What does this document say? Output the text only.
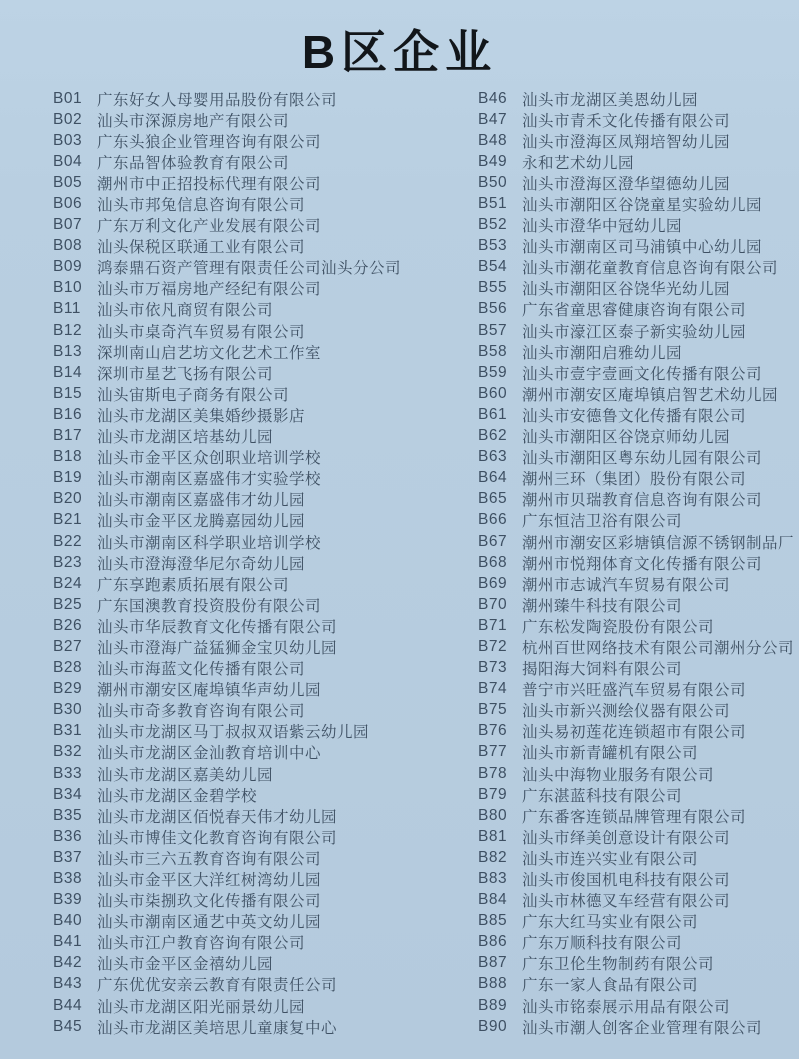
B区企业
B01 广东好女人母婴用品股份有限公司
B02 汕头市深源房地产有限公司
B03 广东头狼企业管理咨询有限公司
B04 广东品智体验教育有限公司
B05 潮州市中正招投标代理有限公司
B06 汕头市邦兔信息咨询有限公司
B07 广东万利文化产业发展有限公司
B08 汕头保税区联通工业有限公司
B09 鸿泰鼎石资产管理有限责任公司汕头分公司
B10 汕头市万福房地产经纪有限公司
B11	汕头市依凡商贸有限公司
B12 汕头市桌奇汽车贸易有限公司
B13 深圳南山启艺坊文化艺术工作室
B14 深圳市星艺飞扬有限公司
B15 汕头宙斯电子商务有限公司
B16 汕头市龙湖区美集婚纱摄影店
B17 汕头市龙湖区培基幼儿园
B18 汕头市金平区众创职业培训学校
B19 汕头市潮南区嘉盛伟才实验学校
B20 汕头市潮南区嘉盛伟才幼儿园
B21 汕头市金平区龙腾嘉园幼儿园
B22 汕头市潮南区科学职业培训学校
B23 汕头市澄海澄华尼尔奇幼儿园
B24 广东享跑素质拓展有限公司
B25 广东国澳教育投资股份有限公司
B26 汕头市华辰教育文化传播有限公司
B27 汕头市澄海广益猛狮金宝贝幼儿园
B28 汕头市海蓝文化传播有限公司
B29 潮州市潮安区庵埠镇华声幼儿园
B30 汕头市奇多教育咨询有限公司
B31 汕头市龙湖区马丁叔叔双语紫云幼儿园
B32 汕头市龙湖区金汕教育培训中心
B33 汕头市龙湖区嘉美幼儿园
B34 汕头市龙湖区金碧学校
B35 汕头市龙湖区佰悦春天伟才幼儿园
B36 汕头市博佳文化教育咨询有限公司
B37 汕头市三六五教育咨询有限公司
B38 汕头市金平区大洋红树湾幼儿园
B39 汕头市柒捌玖文化传播有限公司
B40 汕头市潮南区通艺中英文幼儿园
B41 汕头市江户教育咨询有限公司
B42 汕头市金平区金禧幼儿园
B43 广东优优安亲云教育有限责任公司
B44 汕头市龙湖区阳光丽景幼儿园
B45 汕头市龙湖区美培思儿童康复中心
B46 汕头市龙湖区美恩幼儿园
B47 汕头市青禾文化传播有限公司
B48 汕头市澄海区凤翔培智幼儿园
B49 永和艺术幼儿园
B50 汕头市澄海区澄华望德幼儿园
B51 汕头市潮阳区谷饶童星实验幼儿园
B52 汕头市澄华中冠幼儿园
B53 汕头市潮南区司马浦镇中心幼儿园
B54 汕头市潮花童教育信息咨询有限公司
B55 汕头市潮阳区谷饶华光幼儿园
B56 广东省童思睿健康咨询有限公司
B57 汕头市濠江区泰子新实验幼儿园
B58 汕头市潮阳启雅幼儿园
B59 汕头市壹宇壹画文化传播有限公司
B60 潮州市潮安区庵埠镇启智艺术幼儿园
B61 汕头市安德鲁文化传播有限公司
B62 汕头市潮阳区谷饶京师幼儿园
B63 汕头市潮阳区粤东幼儿园有限公司
B64 潮州三环（集团）股份有限公司
B65 潮州市贝瑞教育信息咨询有限公司
B66 广东恒洁卫浴有限公司
B67 潮州市潮安区彩塘镇信源不锈钢制品厂
B68 潮州市悦翔体育文化传播有限公司
B69 潮州市志诚汽车贸易有限公司
B70 潮州臻牛科技有限公司
B71 广东松发陶瓷股份有限公司
B72 杭州百世网络技术有限公司潮州分公司
B73 揭阳海大饲料有限公司
B74 普宁市兴旺盛汽车贸易有限公司
B75 汕头市新兴测绘仪器有限公司
B76 汕头易初莲花连锁超市有限公司
B77 汕头市新青罐机有限公司
B78 汕头中海物业服务有限公司
B79 广东湛蓝科技有限公司
B80 广东番客连锁品牌管理有限公司
B81 汕头市绎美创意设计有限公司
B82 汕头市连兴实业有限公司
B83 汕头市俊国机电科技有限公司
B84 汕头市林德叉车经营有限公司
B85 广东大红马实业有限公司
B86 广东万顺科技有限公司
B87 广东卫伦生物制药有限公司
B88 广东一家人食品有限公司
B89 汕头市铭泰展示用品有限公司
B90 汕头市潮人创客企业管理有限公司
